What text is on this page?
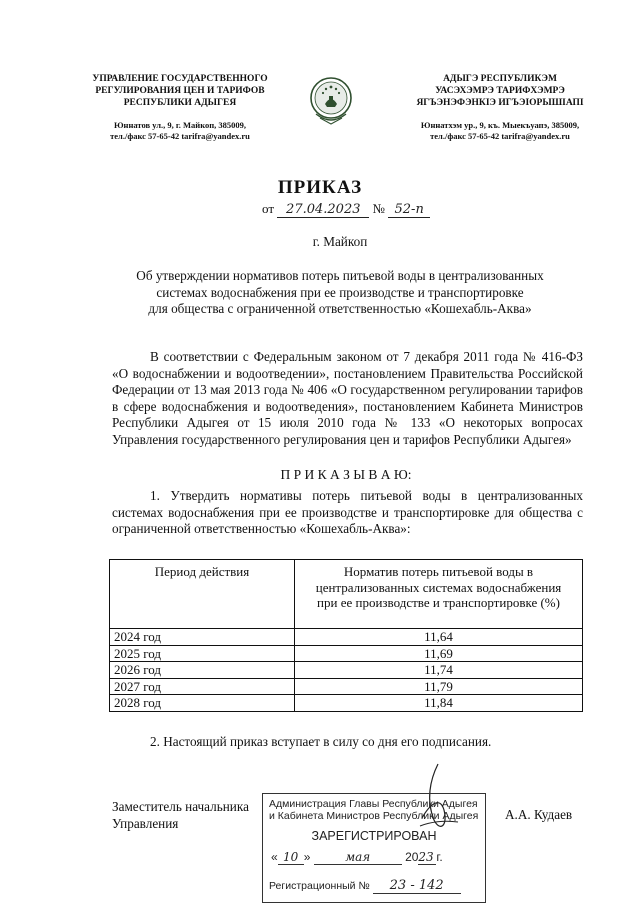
УПРАВЛЕНИЕ ГОСУДАРСТВЕННОГО
РЕГУЛИРОВАНИЯ ЦЕН И ТАРИФОВ
РЕСПУБЛИКИ АДЫГЕЯ
Юннатов ул., 9, г. Майкоп, 385009,
тел./факс 57-65-42 tarifra@yandex.ru
АДЫГЭ РЕСПУБЛИКЭМ
УАСЭХЭМРЭ ТАРИФХЭМРЭ
ЯГЪЭНЭФЭНКIЭ ИГЪЭIОРЫШIАПI
Юннатхэм ур., 9, къ. Мыекъуапэ, 385009,
тел./факс 57-65-42 tarifra@yandex.ru
ПРИКАЗ
от 27.04.2023 № 52-п
г. Майкоп
Об утверждении нормативов потерь питьевой воды в централизованных
системах водоснабжения при ее производстве и транспортировке
для общества с ограниченной ответственностью «Кошехабль-Аква»
В соответствии с Федеральным законом от 7 декабря 2011 года № 416-ФЗ «О водоснабжении и водоотведении», постановлением Правительства Российской Федерации от 13 мая 2013 года № 406 «О государственном регулировании тарифов в сфере водоснабжения и водоотведения», постановлением Кабинета Министров Республики Адыгея от 15 июля 2010 года № 133 «О некоторых вопросах Управления государственного регулирования цен и тарифов Республики Адыгея»
П Р И К А З Ы В А Ю:
1. Утвердить нормативы потерь питьевой воды в централизованных системах водоснабжения при ее производстве и транспортировке для общества с ограниченной ответственностью «Кошехабль-Аква»:
Период действия	Норматив потерь питьевой воды в
централизованных системах водоснабжения
при ее производстве и транспортировке (%)

2024 год	11,64
2025 год	11,69
2026 год	11,74
2027 год	11,79
2028 год	11,84
2. Настоящий приказ вступает в силу со дня его подписания.
Заместитель начальника
Управления
А.А. Кудаев
Администрация Главы Республики Адыгея
и Кабинета Министров Республики Адыгея
ЗАРЕГИСТРИРОВАН
« 10 »	мая	2023 г.
Регистрационный № 23 - 142
